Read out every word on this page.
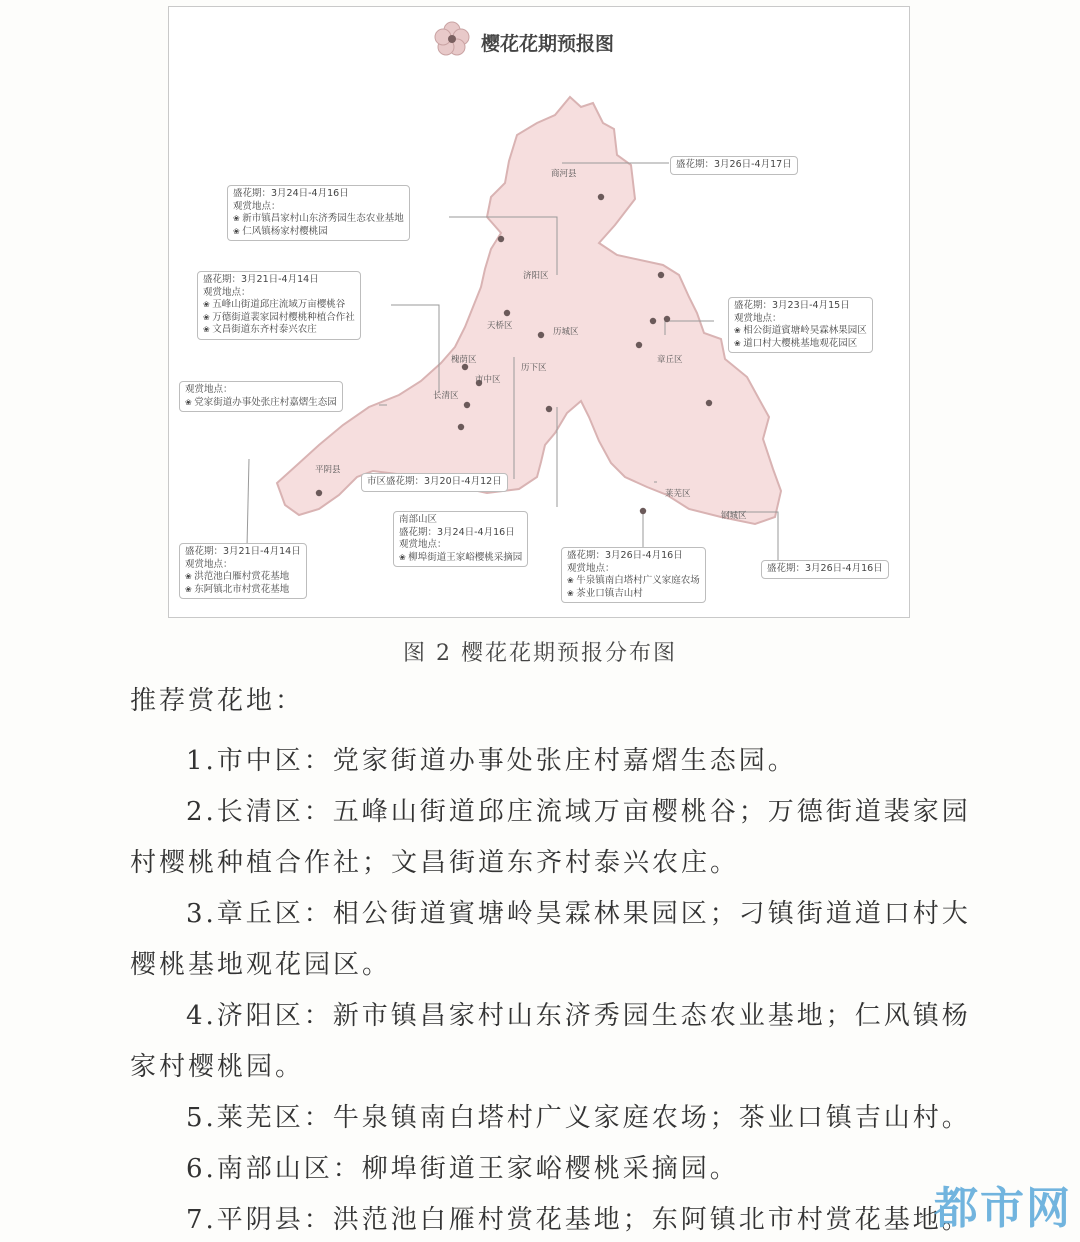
樱花花期预报图
盛花期：3月26日-4月17日
盛花期：3月24日-4月16日
观赏地点：
❀ 新市镇昌家村山东济秀园生态农业基地
❀ 仁风镇杨家村樱桃园
盛花期：3月21日-4月14日
观赏地点：
❀ 五峰山街道邱庄流域万亩樱桃谷
❀ 万德街道裴家园村樱桃种植合作社
❀ 文昌街道东齐村泰兴农庄
盛花期：3月23日-4月15日
观赏地点：
❀ 相公街道賓塘岭昊霖林果园区
❀ 道口村大樱桃基地观花园区
观赏地点：
❀ 党家街道办事处张庄村嘉熠生态园
市区盛花期：3月20日-4月12日
南部山区
盛花期：3月24日-4月16日
观赏地点：
❀ 柳埠街道王家峪樱桃采摘园
盛花期：3月21日-4月14日
观赏地点：
❀ 洪范池白雁村赏花基地
❀ 东阿镇北市村赏花基地
盛花期：3月26日-4月16日
观赏地点：
❀ 牛泉镇南白塔村广义家庭农场
❀ 茶业口镇吉山村
盛花期：3月26日-4月16日
商河县
济阳区
天桥区
历城区
槐荫区
市中区
历下区
长清区
章丘区
平阴县
莱芜区
钢城区
图 2 樱花花期预报分布图
推荐赏花地：
1.市中区：党家街道办事处张庄村嘉熠生态园。
2.长清区：五峰山街道邱庄流域万亩樱桃谷；万德街道裴家园
村樱桃种植合作社；文昌街道东齐村泰兴农庄。
3.章丘区：相公街道賓塘岭昊霖林果园区；刁镇街道道口村大
樱桃基地观花园区。
4.济阳区：新市镇昌家村山东济秀园生态农业基地；仁风镇杨
家村樱桃园。
5.莱芜区：牛泉镇南白塔村广义家庭农场；茶业口镇吉山村。
6.南部山区：柳埠街道王家峪樱桃采摘园。
7.平阴县：洪范池白雁村赏花基地；东阿镇北市村赏花基地。
都市网
